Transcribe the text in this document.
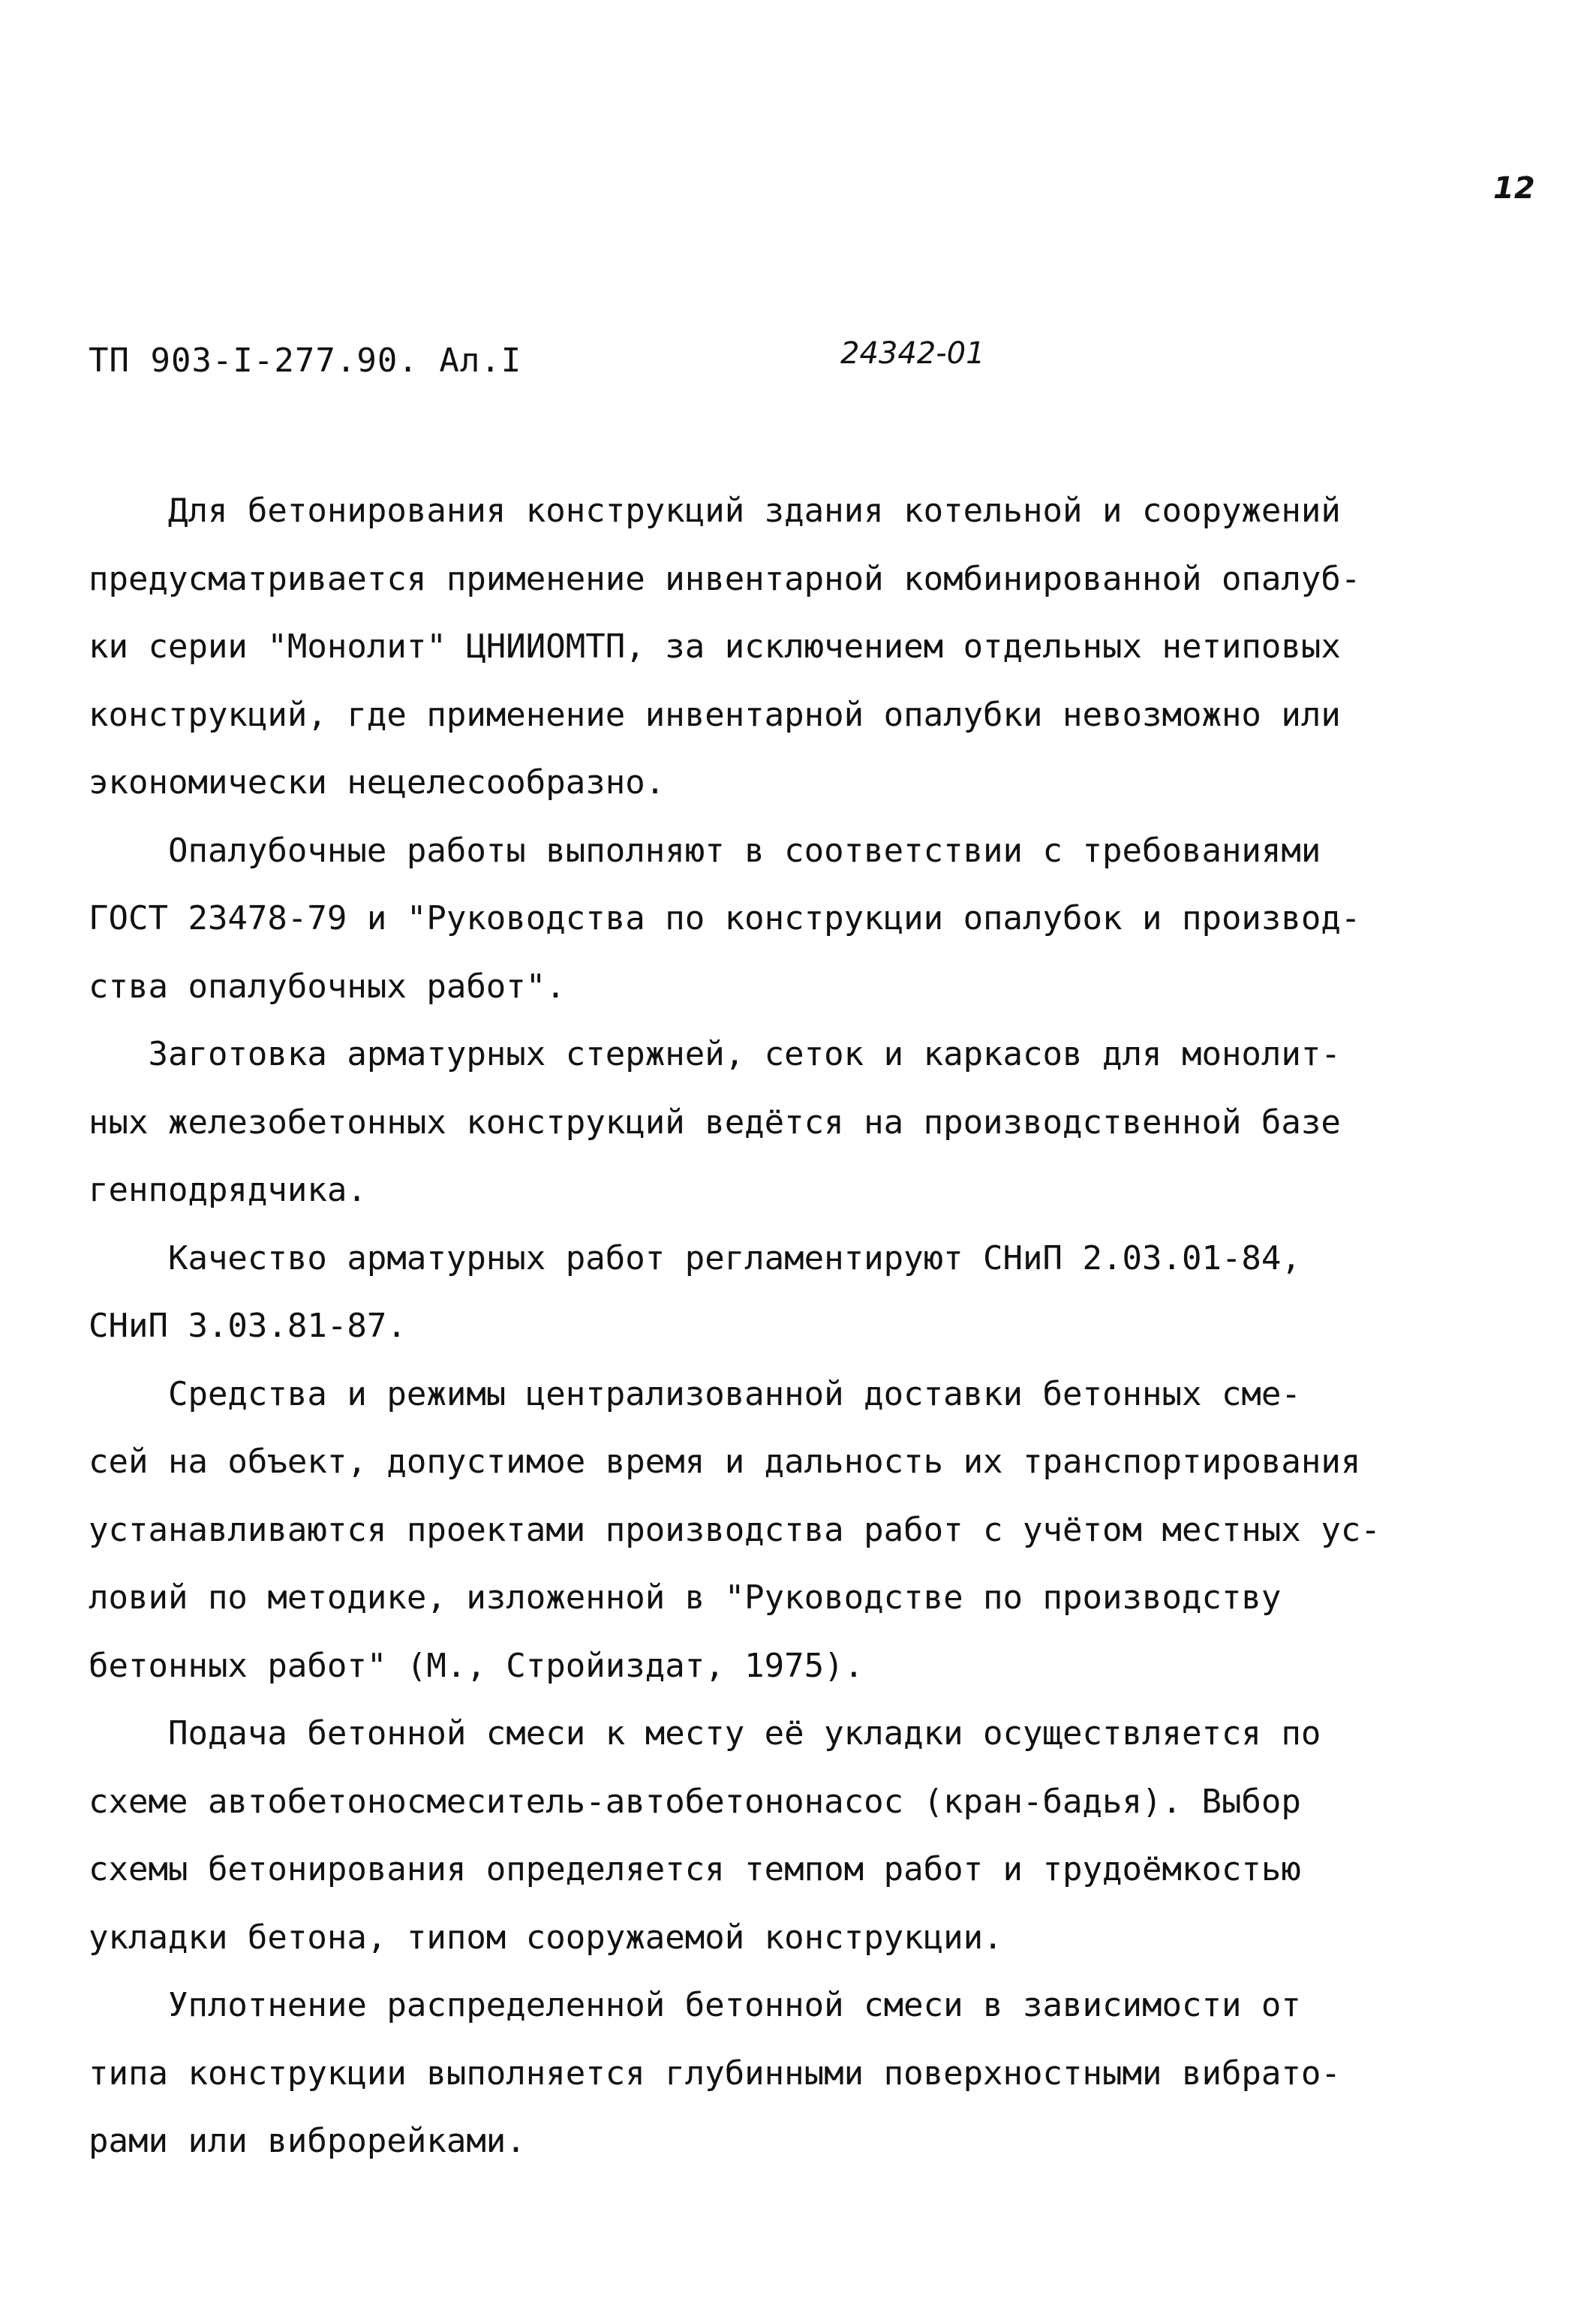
12
ТП 903-I-277.90. Ал.I	24342-01
Для бетонирования конструкций здания котельной и сооружений
предусматривается применение инвентарной комбинированной опалуб-
ки серии "Монолит" ЦНИИОМТП, за исключением отдельных нетиповых
конструкций, где применение инвентарной опалубки невозможно или
экономически нецелесообразно.
Опалубочные работы выполняют в соответствии с требованиями
ГОСТ 23478-79 и "Руководства по конструкции опалубок и производ-
ства опалубочных работ".
Заготовка арматурных стержней, сеток и каркасов для монолит-
ных железобетонных конструкций ведётся на производственной базе
генподрядчика.
Качество арматурных работ регламентируют СНиП 2.03.01-84,
СНиП 3.03.81-87.
Средства и режимы централизованной доставки бетонных сме-
сей на объект, допустимое время и дальность их транспортирования
устанавливаются проектами производства работ с учётом местных ус-
ловий по методике, изложенной в "Руководстве по производству
бетонных работ" (М., Стройиздат, 1975).
Подача бетонной смеси к месту её укладки осуществляется по
схеме автобетоносмеситель-автобетононасос (кран-бадья). Выбор
схемы бетонирования определяется темпом работ и трудоёмкостью
укладки бетона, типом сооружаемой конструкции.
Уплотнение распределенной бетонной смеси в зависимости от
типа конструкции выполняется глубинными поверхностными вибрато-
рами или виброрейками.
